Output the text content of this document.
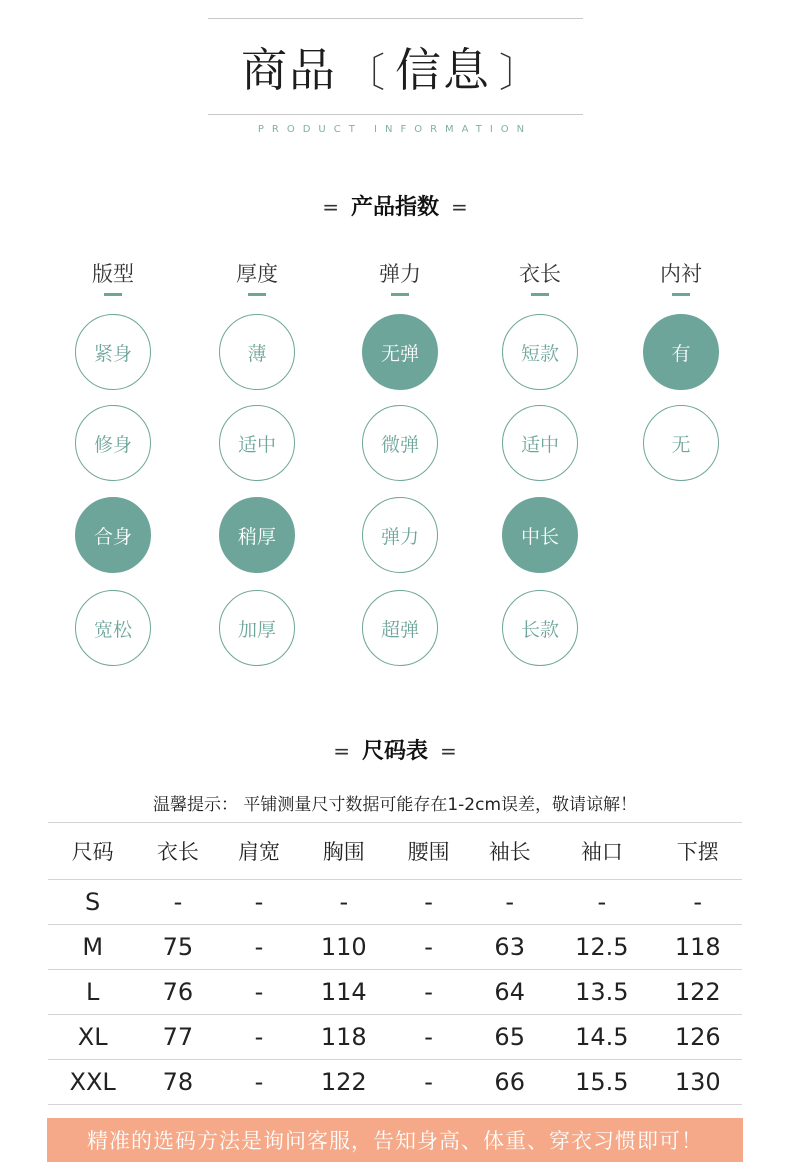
商品 〔 信息 〕
PRODUCT INFORMATION
= 产品指数 =
版型
紧身
修身
合身
宽松
厚度
薄
适中
稍厚
加厚
弹力
无弹
微弹
弹力
超弹
衣长
短款
适中
中长
长款
内衬
有
无
= 尺码表 =
温馨提示： 平铺测量尺寸数据可能存在1-2cm误差，敬请谅解！
尺码	衣长	肩宽	胸围	腰围	袖长	袖口	下摆
S	-	-	-	-	-	-	-
M	75	-	110	-	63	12.5	118
L	76	-	114	-	64	13.5	122
XL	77	-	118	-	65	14.5	126
XXL	78	-	122	-	66	15.5	130
精准的选码方法是询问客服，告知身高、体重、穿衣习惯即可！
